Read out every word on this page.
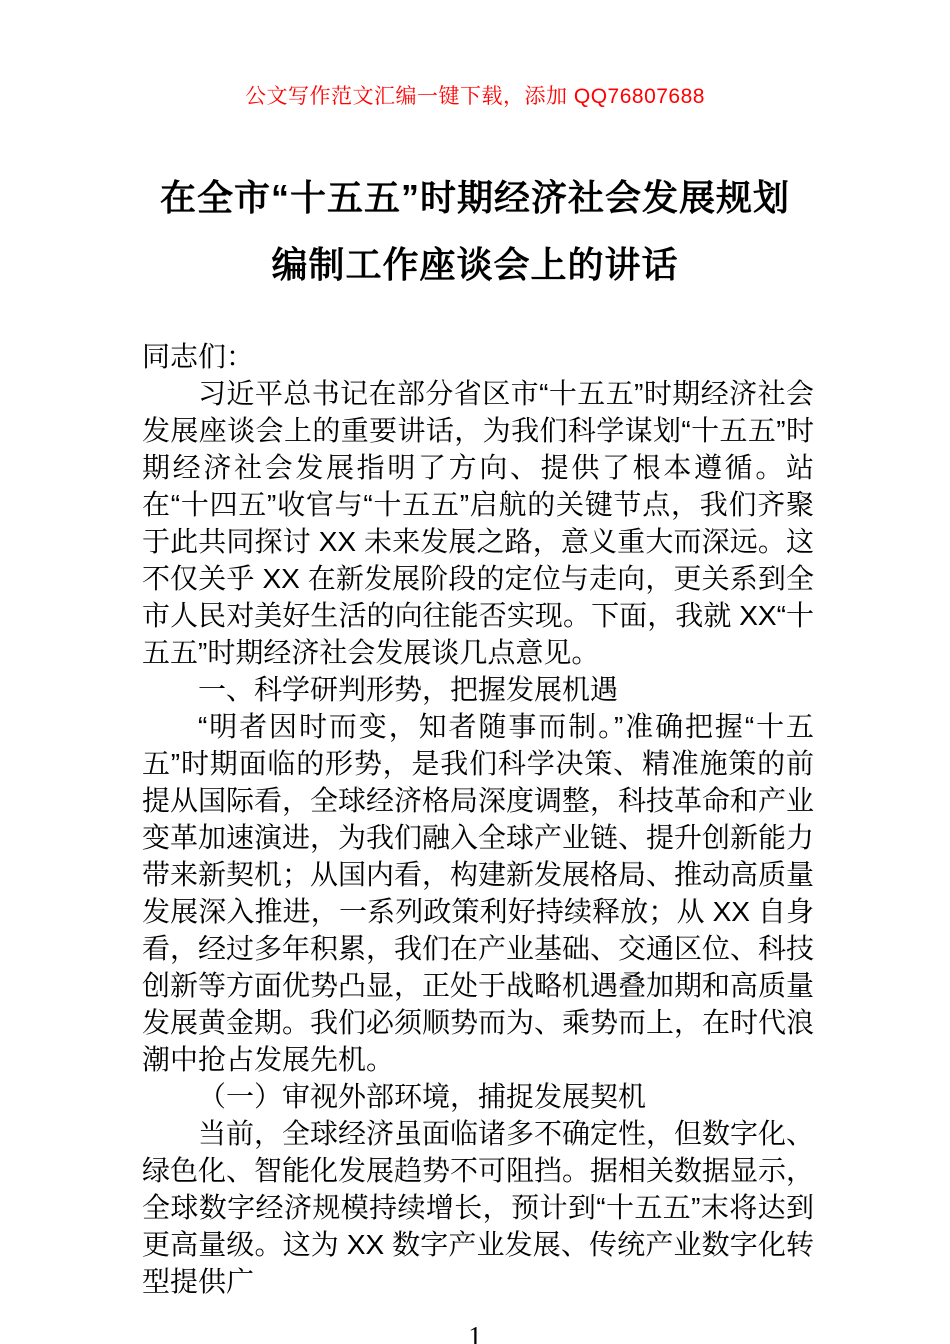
公文写作范文汇编一键下载，添加 QQ76807688
在全市“十五五”时期经济社会发展规划
编制工作座谈会上的讲话

同志们：

习近平总书记在部分省区市“十五五”时期经济社会发展座谈会上的重要讲话，为我们科学谋划“十五五”时期经济社会发展指明了方向、提供了根本遵循。站在“十四五”收官与“十五五”启航的关键节点，我们齐聚于此共同探讨 XX 未来发展之路，意义重大而深远。这不仅关乎 XX 在新发展阶段的定位与走向，更关系到全市人民对美好生活的向往能否实现。下面，我就 XX“十五五”时期经济社会发展谈几点意见。

一、科学研判形势，把握发展机遇

“明者因时而变，知者随事而制。”准确把握“十五五”时期面临的形势，是我们科学决策、精准施策的前提从国际看，全球经济格局深度调整，科技革命和产业变革加速演进，为我们融入全球产业链、提升创新能力带来新契机；从国内看，构建新发展格局、推动高质量发展深入推进，一系列政策利好持续释放；从 XX 自身看，经过多年积累，我们在产业基础、交通区位、科技创新等方面优势凸显，正处于战略机遇叠加期和高质量发展黄金期。我们必须顺势而为、乘势而上，在时代浪潮中抢占发展先机。

（一）审视外部环境，捕捉发展契机

当前，全球经济虽面临诸多不确定性，但数字化、绿色化、智能化发展趋势不可阻挡。据相关数据显示，全球数字经济规模持续增长，预计到“十五五”末将达到更高量级。这为 XX 数字产业发展、传统产业数字化转型提供广

1
